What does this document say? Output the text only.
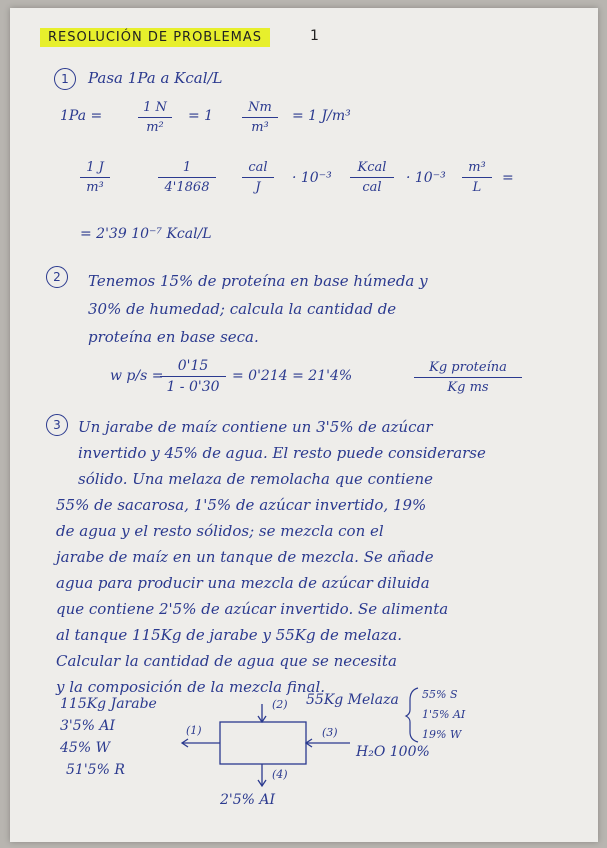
RESOLUCIÓN DE PROBLEMAS	1
1	Pasa 1Pa a Kcal/L
1Pa =
1 N
m²
= 1
Nm
m³
= 1 J/m³
1 J
m³
1
4'1868
cal
J
· 10⁻³
Kcal
cal
· 10⁻³
m³
L
=
= 2'39 10⁻⁷ Kcal/L
2	Tenemos 15% de proteína en base húmeda y
30% de humedad; calcula la cantidad de
proteína en base seca.
w p/s =
0'15
1 - 0'30
= 0'214 = 21'4%
Kg proteína
Kg ms
3	Un jarabe de maíz contiene un 3'5% de azúcar
invertido y 45% de agua. El resto puede considerarse
sólido. Una melaza de remolacha que contiene
55% de sacarosa, 1'5% de azúcar invertido, 19%
de agua y el resto sólidos; se mezcla con el
jarabe de maíz en un tanque de mezcla. Se añade
agua para producir una mezcla de azúcar diluida
que contiene 2'5% de azúcar invertido. Se alimenta
al tanque 115Kg de jarabe y 55Kg de melaza.
Calcular la cantidad de agua que se necesita
y la composición de la mezcla final.
115Kg Jarabe
3'5% AI
45% W
51'5% R
(1)
(2)
(3)
(4)
55Kg Melaza 55% S
1'5% AI
19% W
H₂O 100%
2'5% AI
